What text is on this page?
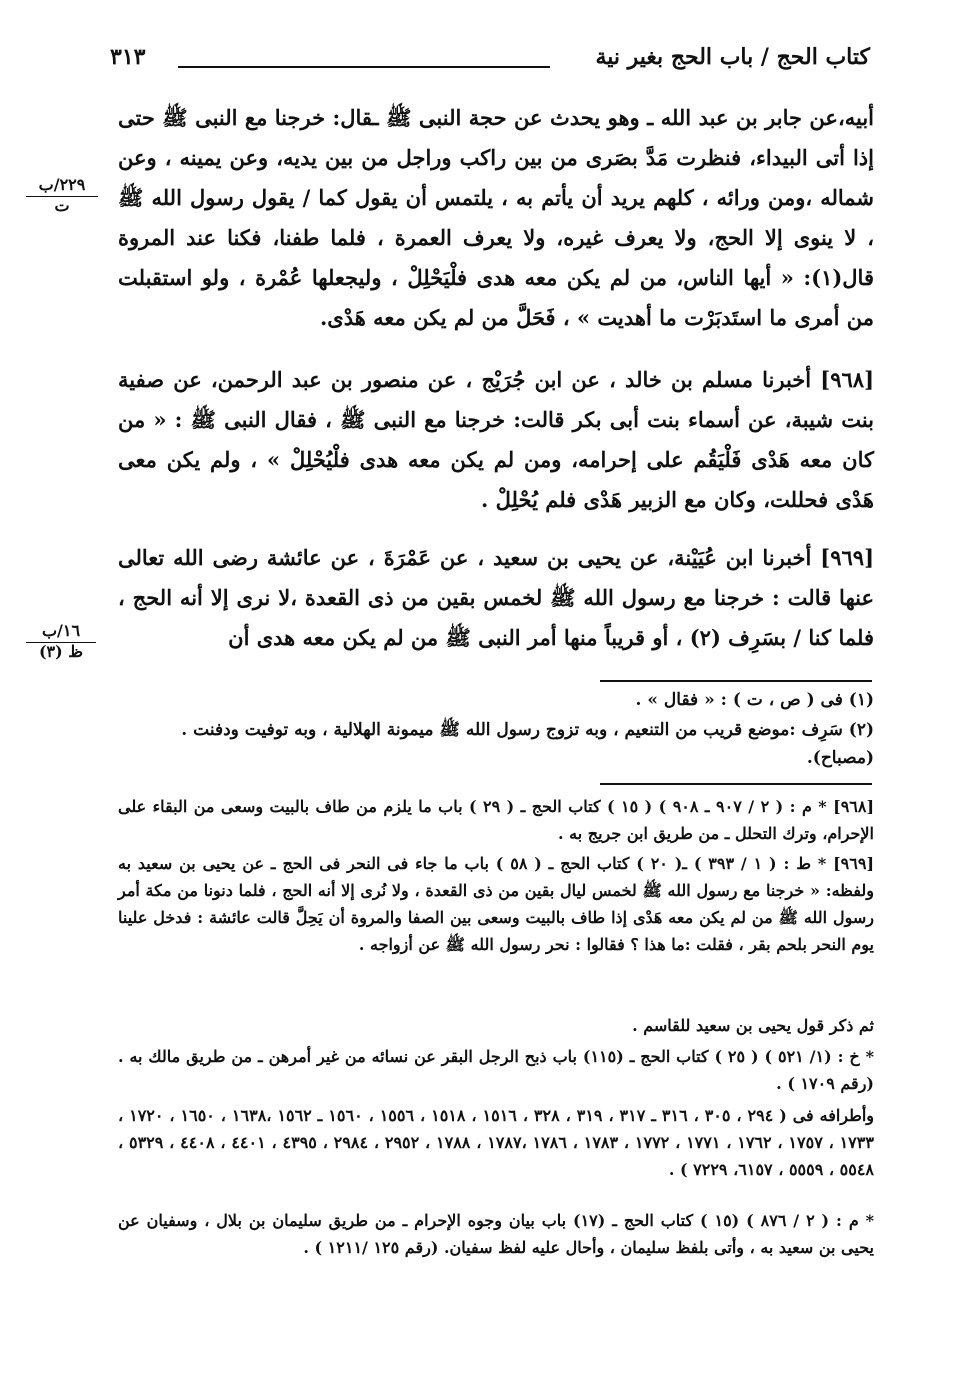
كتاب الحج / باب الحج بغير نية
٣١٣
٢٢٩/ب
ت
١٦/ب
ظ (٣)
أبيه،عن جابر بن عبد الله ـ وهو يحدث عن حجة النبى ﷺ ـقال: خرجنا مع النبى ﷺ حتى إذا أتى البيداء، فنظرت مَدَّ بصَرى من بين راكب وراجل من بين يديه، وعن يمينه ، وعن شماله ،ومن ورائه ، كلهم يريد أن يأتم به ، يلتمس أن يقول كما / يقول رسول الله ﷺ ، لا ينوى إلا الحج، ولا يعرف غيره، ولا يعرف العمرة ، فلما طفنا، فكنا عند المروة قال(١): « أيها الناس، من لم يكن معه هدى فلْيَحْلِلْ ، وليجعلها عُمْرة ، ولو استقبلت من أمرى ما استَدبَرْت ما أهديت » ، فَحَلَّ من لم يكن معه هَدْى.
[٩٦٨] أخبرنا مسلم بن خالد ، عن ابن جُرَيْج ، عن منصور بن عبد الرحمن، عن صفية بنت شيبة، عن أسماء بنت أبى بكر قالت: خرجنا مع النبى ﷺ ، فقال النبى ﷺ : « من كان معه هَدْى فَلْيَقُم على إحرامه، ومن لم يكن معه هدى فلْيُحْلِلْ » ، ولم يكن معى هَدْى فحللت، وكان مع الزبير هَدْى فلم يُحْلِلْ .
[٩٦٩] أخبرنا ابن عُيَيْنة، عن يحيى بن سعيد ، عن عَمْرَةَ ، عن عائشة رضى الله تعالى عنها قالت : خرجنا مع رسول الله ﷺ لخمس بقين من ذى القعدة ،لا نرى إلا أنه الحج ، فلما كنا / بسَرِف (٢) ، أو قريباً منها أمر النبى ﷺ من لم يكن معه هدى أن
(١) فى ( ص ، ت ) : « فقال » .
(٢) سَرِف :موضع قريب من التنعيم ، وبه تزوج رسول الله ﷺ ميمونة الهلالية ، وبه توفيت ودفنت .(مصباح).
[٩٦٨] * م : ( ٢ / ٩٠٧ ـ ٩٠٨ ) ( ١٥ ) كتاب الحج ـ ( ٢٩ ) باب ما يلزم من طاف بالبيت وسعى من البقاء على الإحرام، وترك التحلل ـ من طريق ابن جريج به .
[٩٦٩] * ط : ( ١ / ٣٩٣ ) ـ( ٢٠ ) كتاب الحج ـ ( ٥٨ ) باب ما جاء فى النحر فى الحج ـ عن يحيى بن سعيد به ولفظه: « خرجنا مع رسول الله ﷺ لخمس ليال بقين من ذى القعدة ، ولا نُرى إلا أنه الحج ، فلما دنونا من مكة أمر رسول الله ﷺ من لم يكن معه هَدْى إذا طاف بالبيت وسعى بين الصفا والمروة أن يَحِلَّ قالت عائشة : فدخل علينا يوم النحر بلحم بقر ، فقلت :ما هذا ؟ فقالوا : نحر رسول الله ﷺ عن أزواجه .
ثم ذكر قول يحيى بن سعيد للقاسم .
* خ : (١/ ٥٢١ ) ( ٢٥ ) كتاب الحج ـ (١١٥) باب ذبح الرجل البقر عن نسائه من غير أمرهن ـ من طريق مالك به . (رقم ١٧٠٩ ) .
وأطرافه فى ( ٢٩٤ ، ٣٠٥ ، ٣١٦ ـ ٣١٧ ، ٣١٩ ، ٣٢٨ ، ١٥١٦ ، ١٥١٨ ، ١٥٥٦ ، ١٥٦٠ ـ ١٥٦٢ ،١٦٣٨ ، ١٦٥٠ ، ١٧٢٠ ، ١٧٣٣ ، ١٧٥٧ ، ١٧٦٢ ، ١٧٧١ ، ١٧٧٢ ، ١٧٨٣ ، ١٧٨٦ ،١٧٨٧ ، ١٧٨٨ ، ٢٩٥٢ ، ٢٩٨٤ ، ٤٣٩٥ ، ٤٤٠١ ، ٤٤٠٨ ، ٥٣٢٩ ، ٥٥٤٨ ، ٥٥٥٩ ، ٦١٥٧، ٧٢٢٩ ) .
* م : ( ٢ / ٨٧٦ ) (١٥ ) كتاب الحج ـ (١٧) باب بيان وجوه الإحرام ـ من طريق سليمان بن بلال ، وسفيان عن يحيى بن سعيد به ، وأتى بلفظ سليمان ، وأحال عليه لفظ سفيان. (رقم ١٢٥ /١٢١١ ) .
